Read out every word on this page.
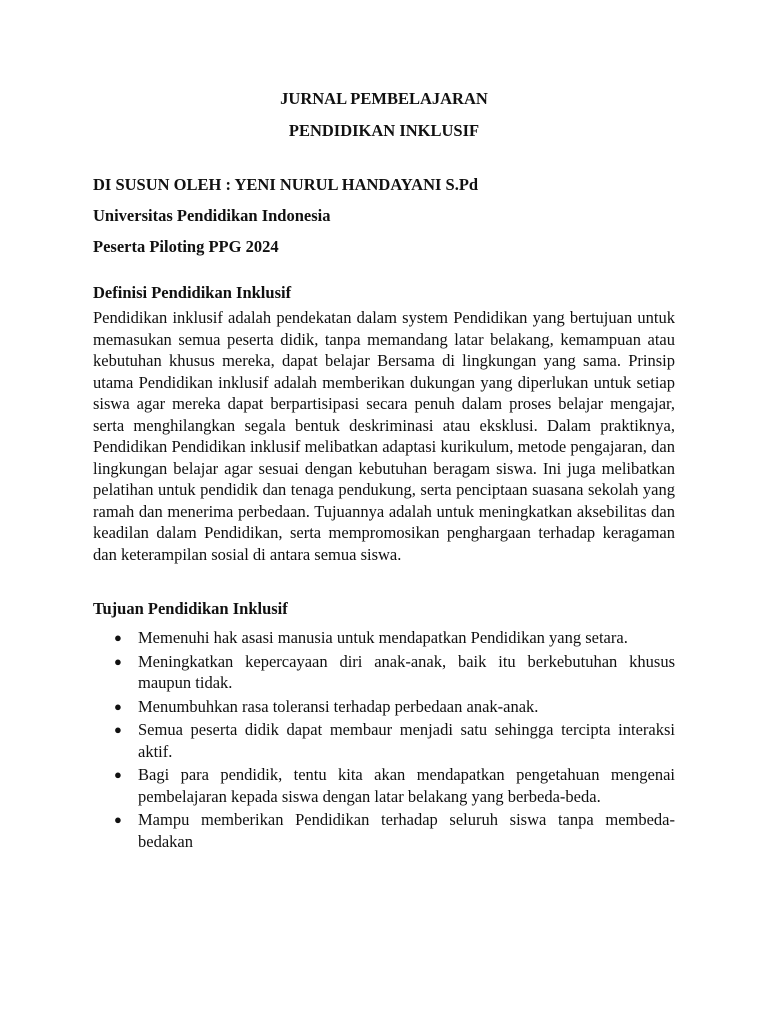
JURNAL PEMBELAJARAN

PENDIDIKAN INKLUSIF

DI SUSUN OLEH : YENI NURUL HANDAYANI S.Pd

Universitas Pendidikan Indonesia

Peserta Piloting PPG 2024

Definisi Pendidikan Inklusif

Pendidikan inklusif adalah pendekatan dalam system Pendidikan yang bertujuan untuk memasukan semua peserta didik, tanpa memandang latar belakang, kemampuan atau kebutuhan khusus mereka, dapat belajar Bersama di lingkungan yang sama. Prinsip utama Pendidikan inklusif adalah memberikan dukungan yang diperlukan untuk setiap siswa agar mereka dapat berpartisipasi secara penuh dalam proses belajar mengajar, serta menghilangkan segala bentuk deskriminasi atau eksklusi. Dalam praktiknya, Pendidikan Pendidikan inklusif melibatkan adaptasi kurikulum, metode pengajaran, dan lingkungan belajar agar sesuai dengan kebutuhan beragam siswa. Ini juga melibatkan pelatihan untuk pendidik dan tenaga pendukung, serta penciptaan suasana sekolah yang ramah dan menerima perbedaan. Tujuannya adalah untuk meningkatkan aksebilitas dan keadilan dalam Pendidikan, serta mempromosikan penghargaan terhadap keragaman dan keterampilan sosial di antara semua siswa.

Tujuan Pendidikan Inklusif
● Memenuhi hak asasi manusia untuk mendapatkan Pendidikan yang setara.
● Meningkatkan kepercayaan diri anak-anak, baik itu berkebutuhan khusus maupun tidak.
● Menumbuhkan rasa toleransi terhadap perbedaan anak-anak.
● Semua peserta didik dapat membaur menjadi satu sehingga tercipta interaksi aktif.
● Bagi para pendidik, tentu kita akan mendapatkan pengetahuan mengenai pembelajaran kepada siswa dengan latar belakang yang berbeda-beda.
● Mampu memberikan Pendidikan terhadap seluruh siswa tanpa membeda-bedakan
